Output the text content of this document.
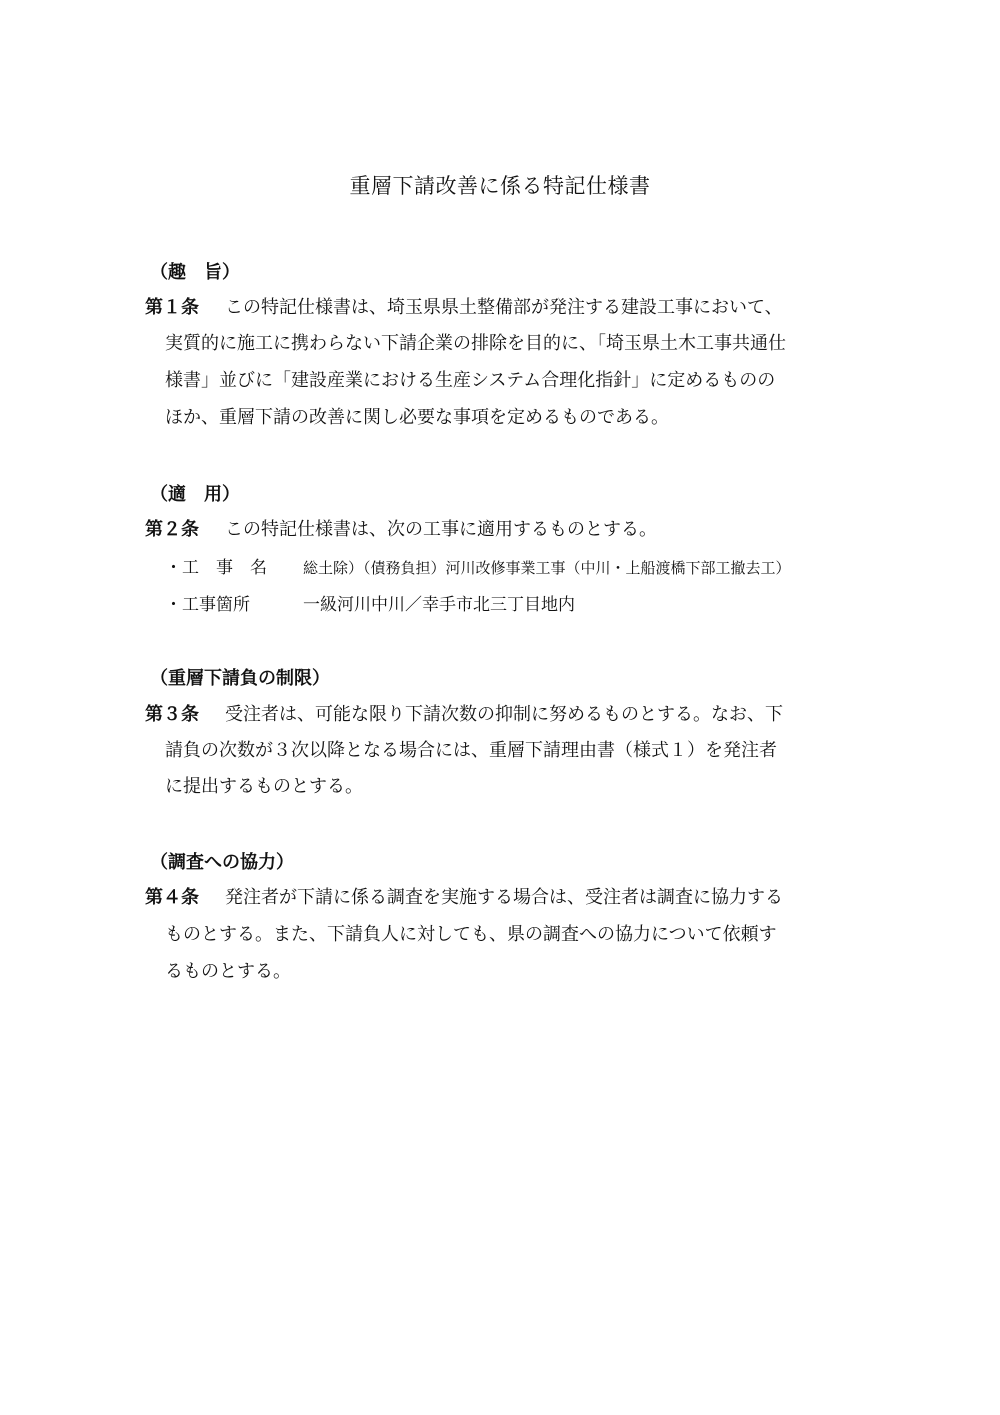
重層下請改善に係る特記仕様書
（趣　旨）
第１条 この特記仕様書は、埼玉県県土整備部が発注する建設工事において、
実質的に施工に携わらない下請企業の排除を目的に、「埼玉県土木工事共通仕
様書」並びに「建設産業における生産システム合理化指針」に定めるものの
ほか、重層下請の改善に関し必要な事項を定めるものである。
（適　用）
第２条 この特記仕様書は、次の工事に適用するものとする。
・工　事　名 総土除）（債務負担）河川改修事業工事（中川・上船渡橋下部工撤去工）
・工事箇所	一級河川中川／幸手市北三丁目地内
（重層下請負の制限）
第３条 受注者は、可能な限り下請次数の抑制に努めるものとする。なお、下
請負の次数が３次以降となる場合には、重層下請理由書（様式１）を発注者
に提出するものとする。
（調査への協力）
第４条 発注者が下請に係る調査を実施する場合は、受注者は調査に協力する
ものとする。また、下請負人に対しても、県の調査への協力について依頼す
るものとする。
